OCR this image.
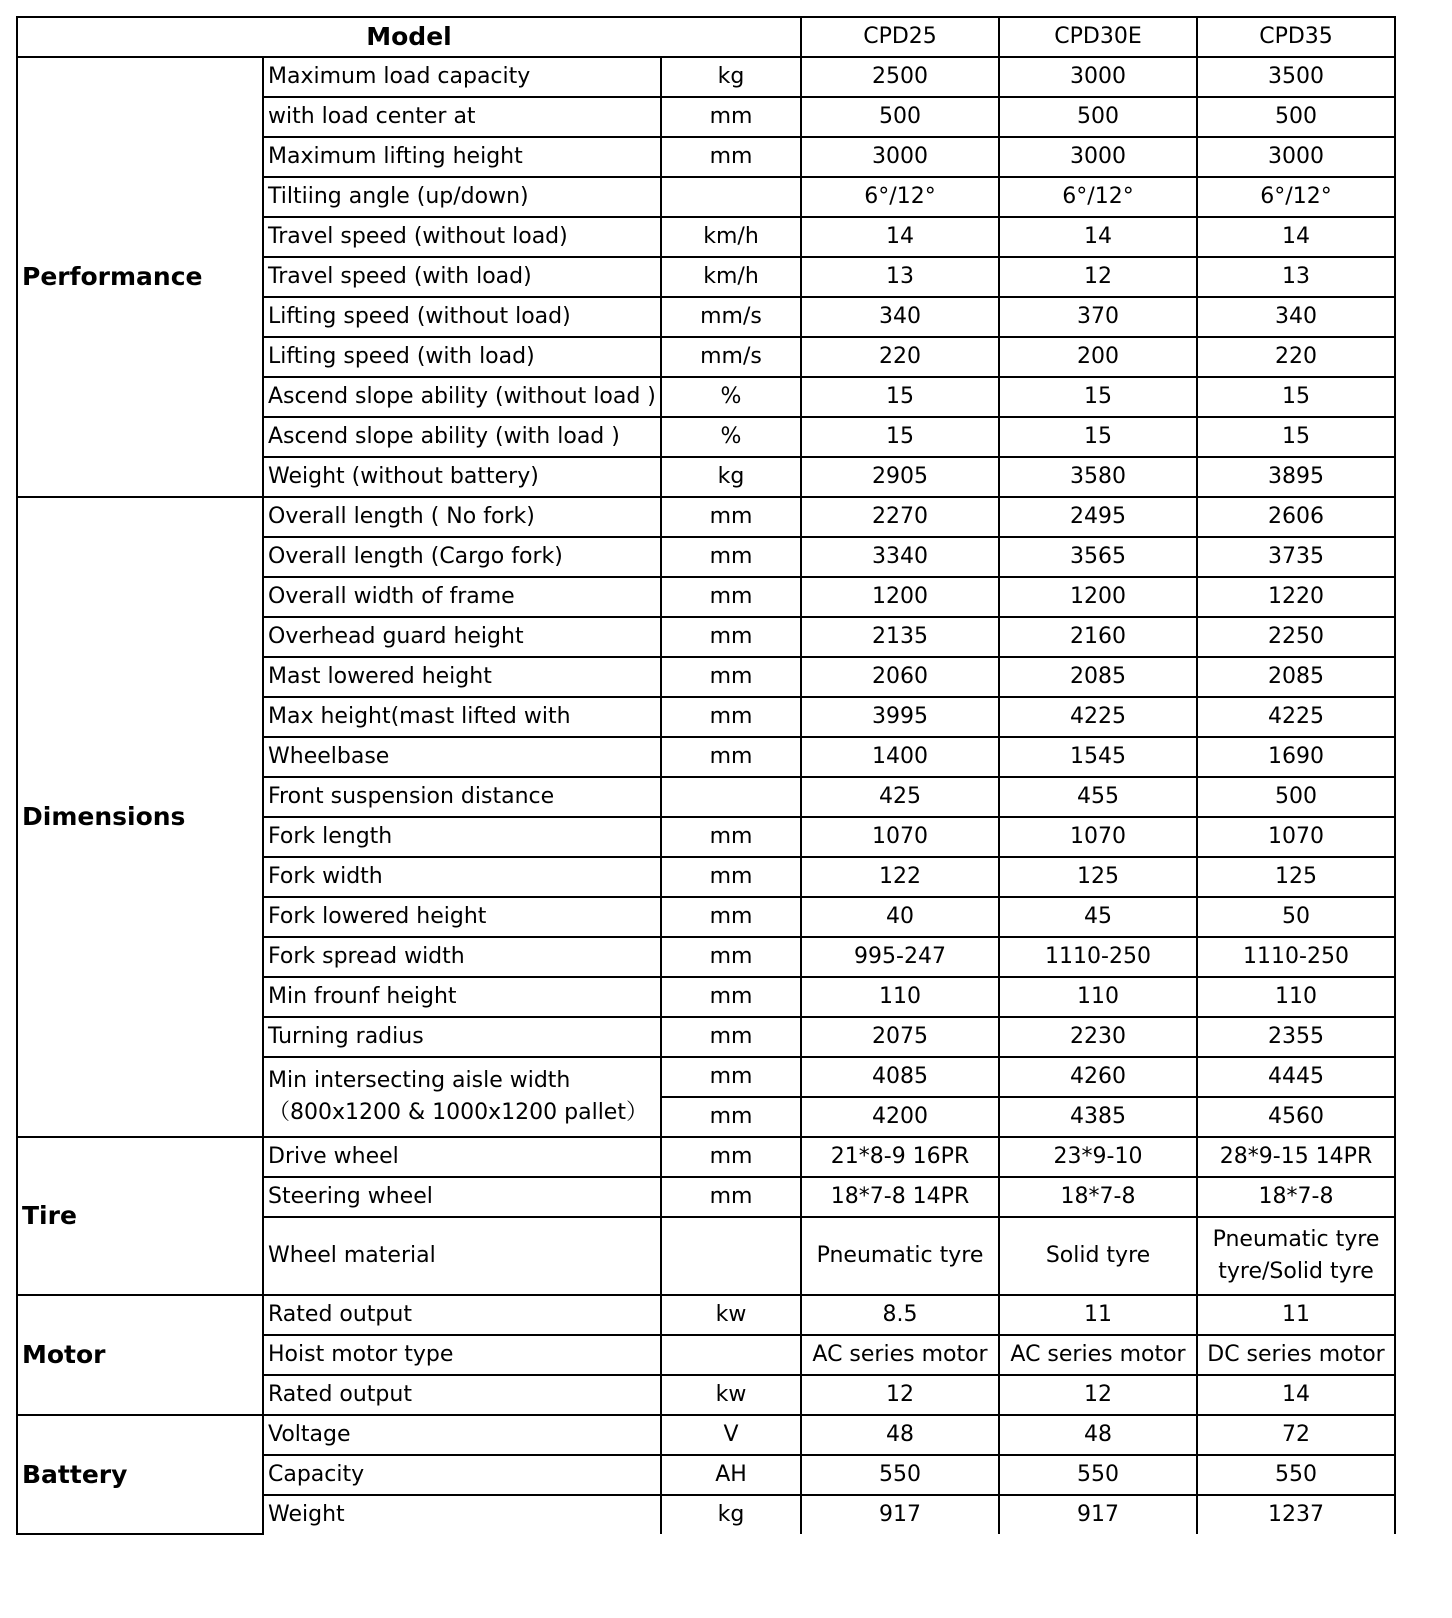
Model			CPD25	CPD30E	CPD35
Performance	Maximum load capacity	kg	2500	3000	3500
	with load center at	mm	500	500	500
	Maximum lifting height	mm	3000	3000	3000
	Tiltiing angle (up/down)		6°/12°	6°/12°	6°/12°
	Travel speed (without load)	km/h	14	14	14
	Travel speed (with load)	km/h	13	12	13
	Lifting speed (without load)	mm/s	340	370	340
	Lifting speed (with load)	mm/s	220	200	220
	Ascend slope ability (without load )	%	15	15	15
	Ascend slope ability (with load )	%	15	15	15
	Weight (without battery)	kg	2905	3580	3895
Dimensions	Overall length ( No fork)	mm	2270	2495	2606
	Overall length (Cargo fork)	mm	3340	3565	3735
	Overall width of frame	mm	1200	1200	1220
	Overhead guard height	mm	2135	2160	2250
	Mast lowered height	mm	2060	2085	2085
	Max height(mast lifted with	mm	3995	4225	4225
	Wheelbase	mm	1400	1545	1690
	Front suspension distance		425	455	500
	Fork length	mm	1070	1070	1070
	Fork width	mm	122	125	125
	Fork lowered height	mm	40	45	50
	Fork spread width	mm	995-247	1110-250	1110-250
	Min frounf height	mm	110	110	110
	Turning radius	mm	2075	2230	2355

	Min intersecting aisle width
（800x1200 & 1000x1200 pallet）	mm	4085	4260	4445
		mm	4200	4385	4560
Tire	Drive wheel	mm	21*8-9 16PR	23*9-10	28*9-15 14PR
	Steering wheel	mm	18*7-8 14PR	18*7-8	18*7-8
	Wheel material		Pneumatic tyre	Solid tyre	Pneumatic tyre
tyre/Solid tyre

Motor	Rated output	kw	8.5	11	11
	Hoist motor type		AC series motor	AC series motor	DC series motor
	Rated output	kw	12	12	14
Battery	Voltage	V	48	48	72
	Capacity	AH	550	550	550
	Weight	kg	917	917	1237
